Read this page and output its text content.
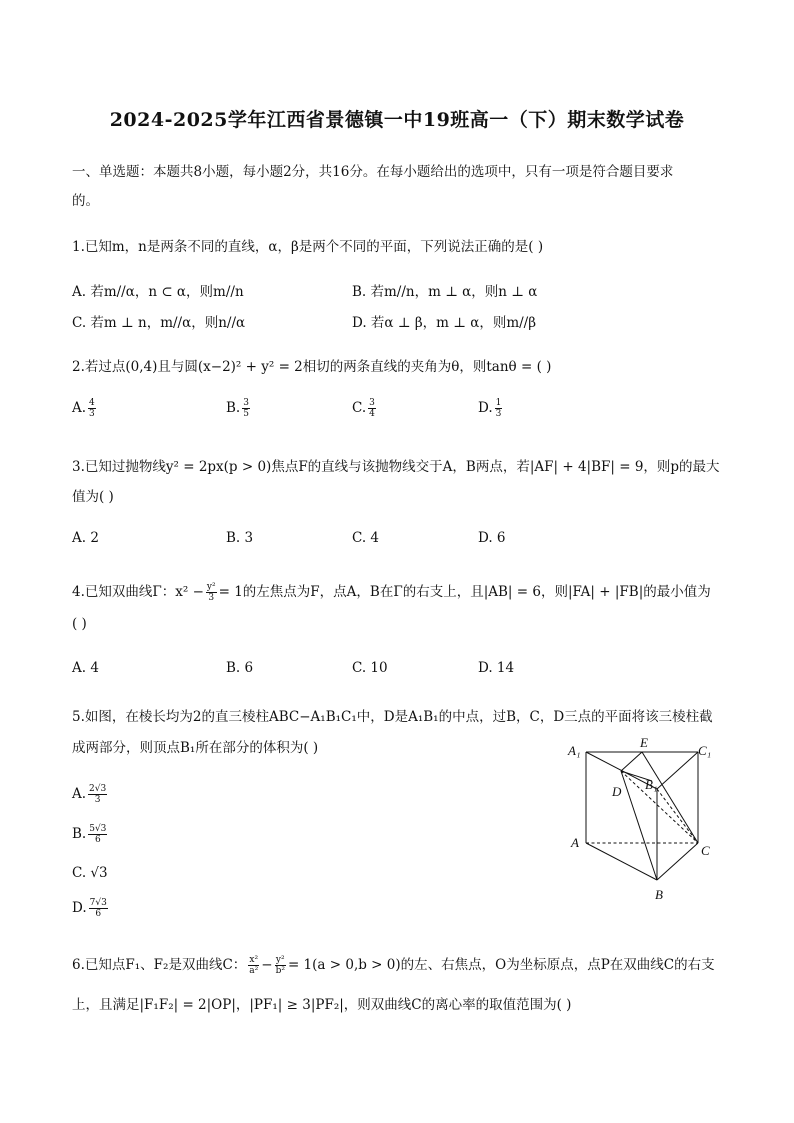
2024-2025学年江西省景德镇一中19班高一（下）期末数学试卷
一、单选题：本题共8小题，每小题2分，共16分。在每小题给出的选项中，只有一项是符合题目要求
的。
1.已知m，n是两条不同的直线，α，β是两个不同的平面，下列说法正确的是( )
A. 若m//α，n ⊂ α，则m//n	B. 若m//n，m ⊥ α，则n ⊥ α
C. 若m ⊥ n，m//α，则n//α	D. 若α ⊥ β，m ⊥ α，则m//β
2.若过点(0,4)且与圆(x−2)² + y² = 2相切的两条直线的夹角为θ，则tanθ = ( )
A. $\frac{4}{3}$	B. $\frac{3}{5}$	C. $\frac{3}{4}$	D. $\frac{1}{3}$
3.已知过抛物线y² = 2px(p > 0)焦点F的直线与该抛物线交于A，B两点，若|AF| + 4|BF| = 9，则p的最大
值为( )
A. 2	B. 3	C. 4	D. 6
4.已知双曲线Γ：$x^2 - \frac{\text{y²}}{3} = 1$的左焦点为F，点A，B在Γ的右支上，且|AB| = 6，则|FA| + |FB|的最小值为
( )
A. 4	B. 6	C. 10	D. 14
5.如图，在棱长均为2的直三棱柱ABC−A₁B₁C₁中，D是A₁B₁的中点，过B，C，D三点的平面将该三棱柱截
成两部分，则顶点B₁所在部分的体积为( )
A. $\frac{2√3}{3}$
B. $\frac{5√3}{6}$
C. √3
D. $\frac{7√3}{6}$
A₁
E
C₁
D B₁
A
C
B
6.已知点F₁、F₂是双曲线C： $\frac{\text{x²}}{\text{a²}} - \frac{\text{y²}}{\text{b²}} = 1(a > 0,b > 0)$的左、右焦点，O为坐标原点，点P在双曲线C的右支
上，且满足|F₁F₂| = 2|OP|，|PF₁| ≥ 3|PF₂|，则双曲线C的离心率的取值范围为( )
